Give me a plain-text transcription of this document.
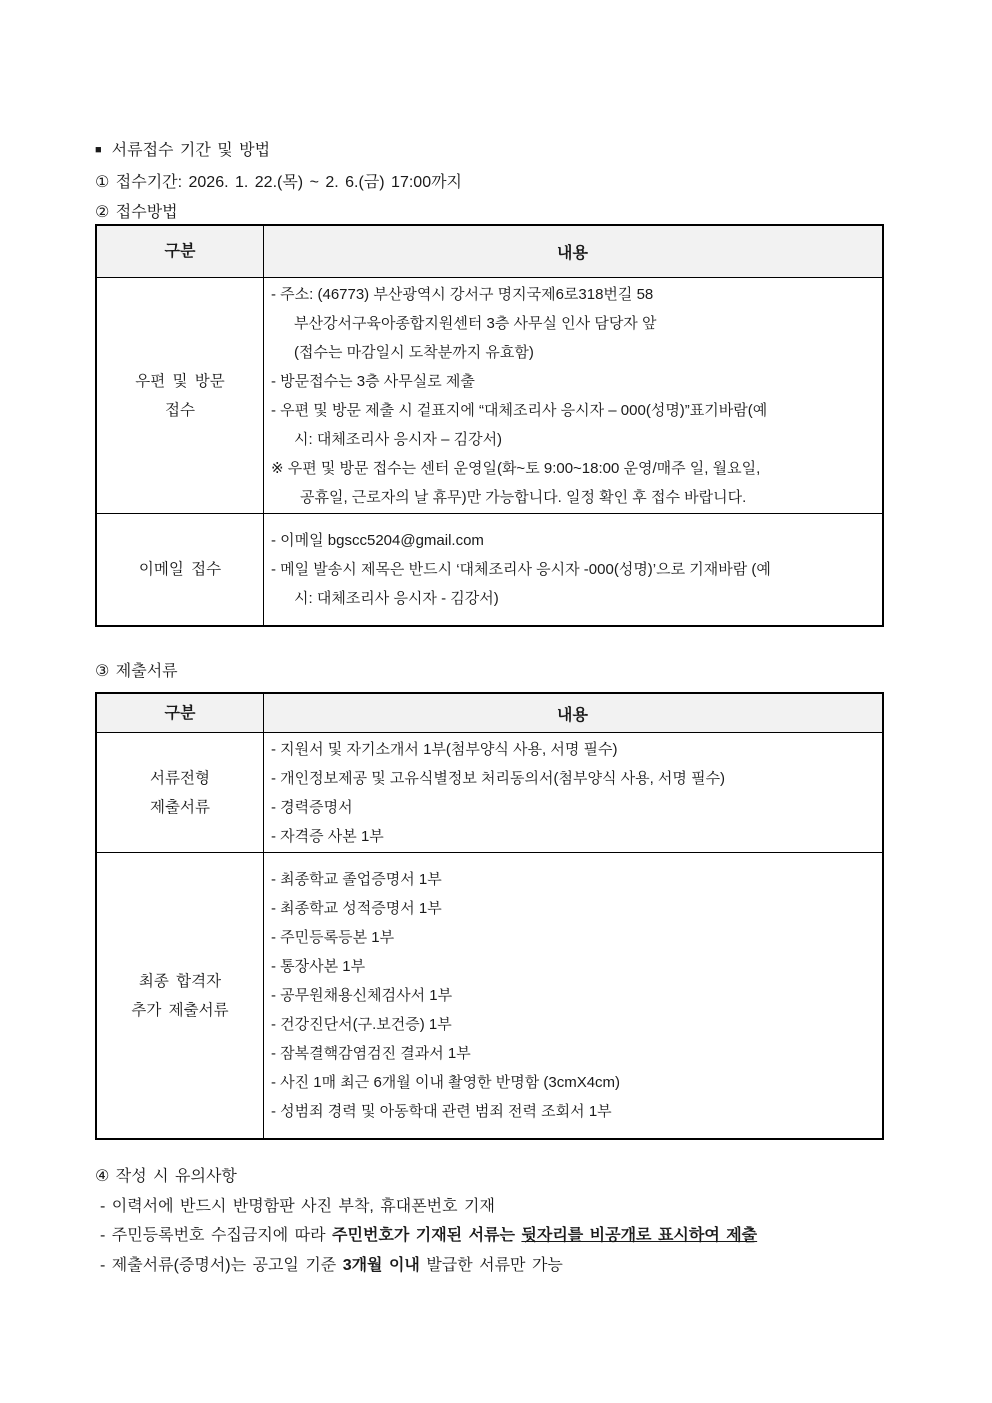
■ 서류접수 기간 및 방법
① 접수기간: 2026. 1. 22.(목) ~ 2. 6.(금) 17:00까지
② 접수방법
구분	내용
우편 및 방문
접수
- 주소: (46773) 부산광역시 강서구 명지국제6로318번길 58
부산강서구육아종합지원센터 3층 사무실 인사 담당자 앞
(접수는 마감일시 도착분까지 유효함)
- 방문접수는 3층 사무실로 제출
- 우편 및 방문 제출 시 겉표지에 “대체조리사 응시자 – 000(성명)”표기바람(예
시: 대체조리사 응시자 – 김강서)
※ 우편 및 방문 접수는 센터 운영일(화~토 9:00~18:00 운영/매주 일, 월요일,
공휴일, 근로자의 날 휴무)만 가능합니다. 일정 확인 후 접수 바랍니다.
이메일 접수
- 이메일 bgscc5204@gmail.com
- 메일 발송시 제목은 반드시 ‘대체조리사 응시자 -000(성명)’으로 기재바람 (예
시: 대체조리사 응시자 - 김강서)
③ 제출서류
구분	내용
서류전형
제출서류
- 지원서 및 자기소개서 1부(첨부양식 사용, 서명 필수)
- 개인정보제공 및 고유식별정보 처리동의서(첨부양식 사용, 서명 필수)
- 경력증명서
- 자격증 사본 1부
최종 합격자
추가 제출서류
- 최종학교 졸업증명서 1부
- 최종학교 성적증명서 1부
- 주민등록등본 1부
- 통장사본 1부
- 공무원채용신체검사서 1부
- 건강진단서(구.보건증) 1부
- 잠복결핵감염검진 결과서 1부
- 사진 1매 최근 6개월 이내 촬영한 반명함 (3cmX4cm)
- 성범죄 경력 및 아동학대 관련 범죄 전력 조회서 1부
④ 작성 시 유의사항
- 이력서에 반드시 반명함판 사진 부착, 휴대폰번호 기재
- 주민등록번호 수집금지에 따라 주민번호가 기재된 서류는 뒷자리를 비공개로 표시하여 제출
- 제출서류(증명서)는 공고일 기준 3개월 이내 발급한 서류만 가능
